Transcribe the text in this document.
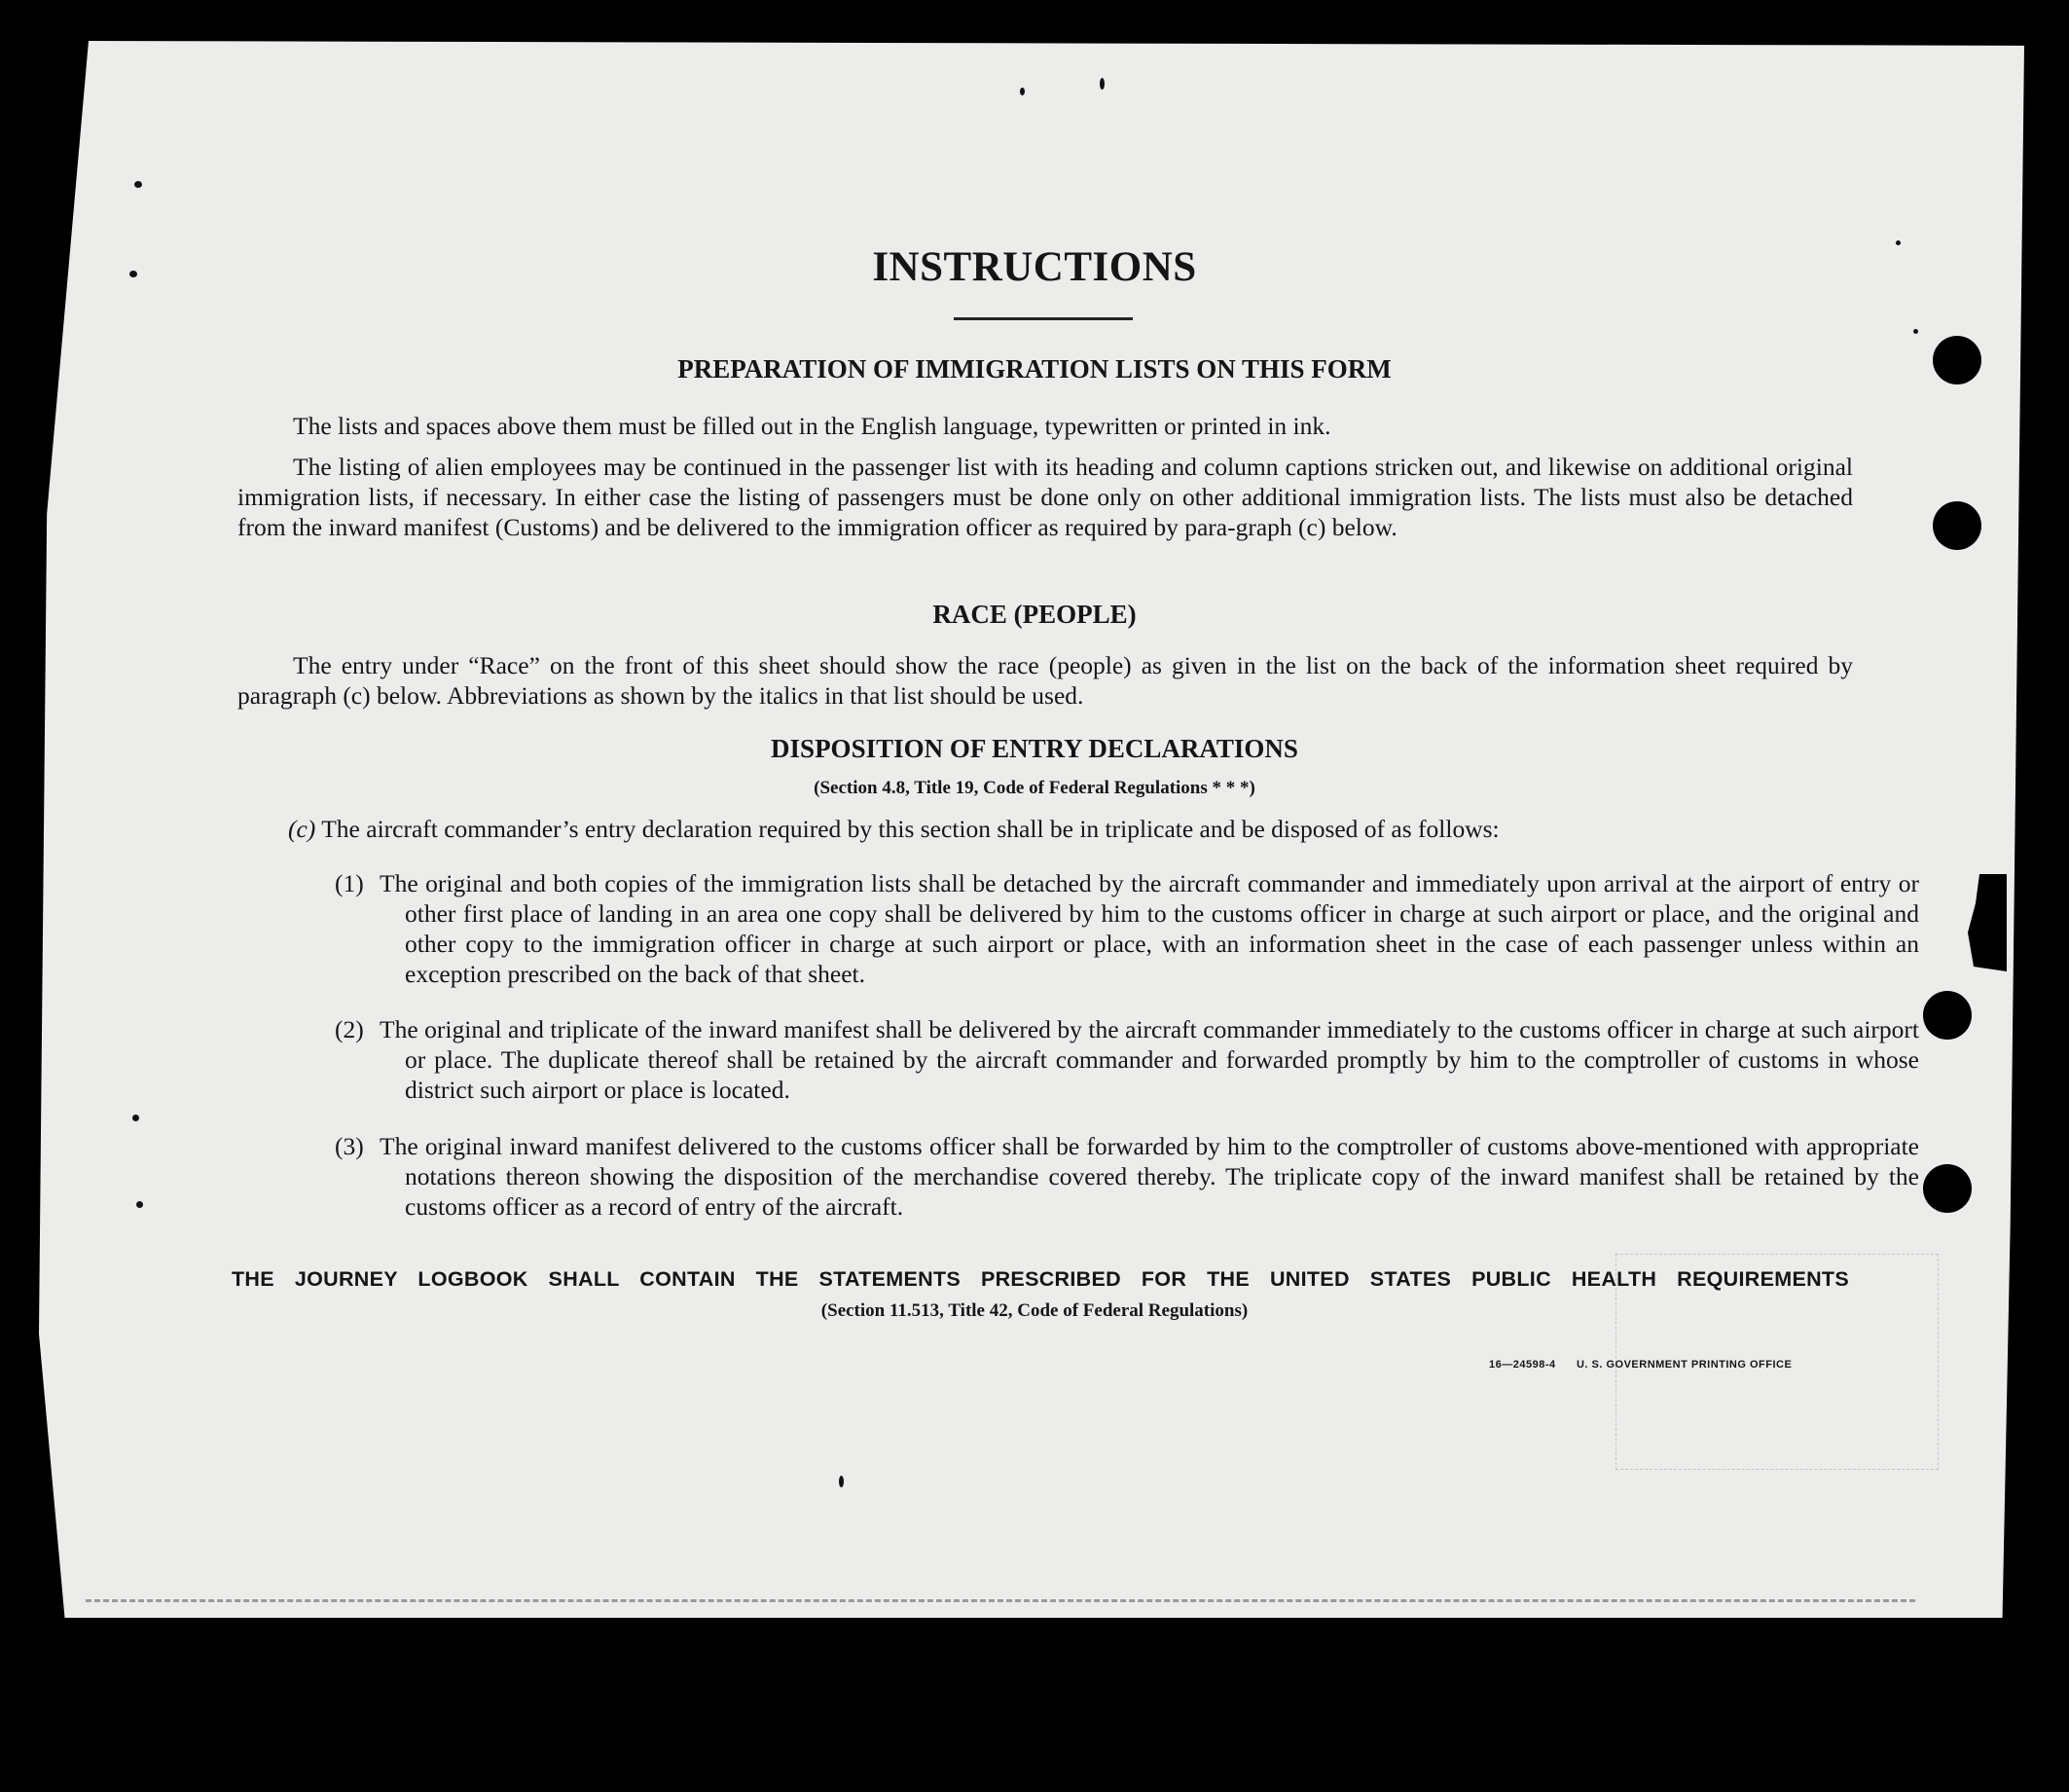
INSTRUCTIONS
PREPARATION OF IMMIGRATION LISTS ON THIS FORM

The lists and spaces above them must be filled out in the English language, typewritten or printed in ink.

The listing of alien employees may be continued in the passenger list with its heading and column captions stricken out, and likewise on additional original immigration lists, if necessary. In either case the listing of passengers must be done only on other additional immigration lists. The lists must also be detached from the inward manifest (Customs) and be delivered to the immigration officer as required by para-graph (c) below.

RACE (PEOPLE)

The entry under “Race” on the front of this sheet should show the race (people) as given in the list on the back of the information sheet required by paragraph (c) below. Abbreviations as shown by the italics in that list should be used.

DISPOSITION OF ENTRY DECLARATIONS
(Section 4.8, Title 19, Code of Federal Regulations * * *)

(c) The aircraft commander’s entry declaration required by this section shall be in triplicate and be disposed of as follows:

(1) The original and both copies of the immigration lists shall be detached by the aircraft commander and immediately upon arrival at the airport of entry or other first place of landing in an area one copy shall be delivered by him to the customs officer in charge at such airport or place, and the original and other copy to the immigration officer in charge at such airport or place, with an information sheet in the case of each passenger unless within an exception prescribed on the back of that sheet.

(2) The original and triplicate of the inward manifest shall be delivered by the aircraft commander immediately to the customs officer in charge at such airport or place. The duplicate thereof shall be retained by the aircraft commander and forwarded promptly by him to the comptroller of customs in whose district such airport or place is located.

(3) The original inward manifest delivered to the customs officer shall be forwarded by him to the comptroller of customs above-mentioned with appropriate notations thereon showing the disposition of the merchandise covered thereby. The triplicate copy of the inward manifest shall be retained by the customs officer as a record of entry of the aircraft.

THE JOURNEY LOGBOOK SHALL CONTAIN THE STATEMENTS PRESCRIBED FOR THE UNITED STATES PUBLIC HEALTH REQUIREMENTS
(Section 11.513, Title 42, Code of Federal Regulations)
16—24598-4 U. S. GOVERNMENT PRINTING OFFICE
